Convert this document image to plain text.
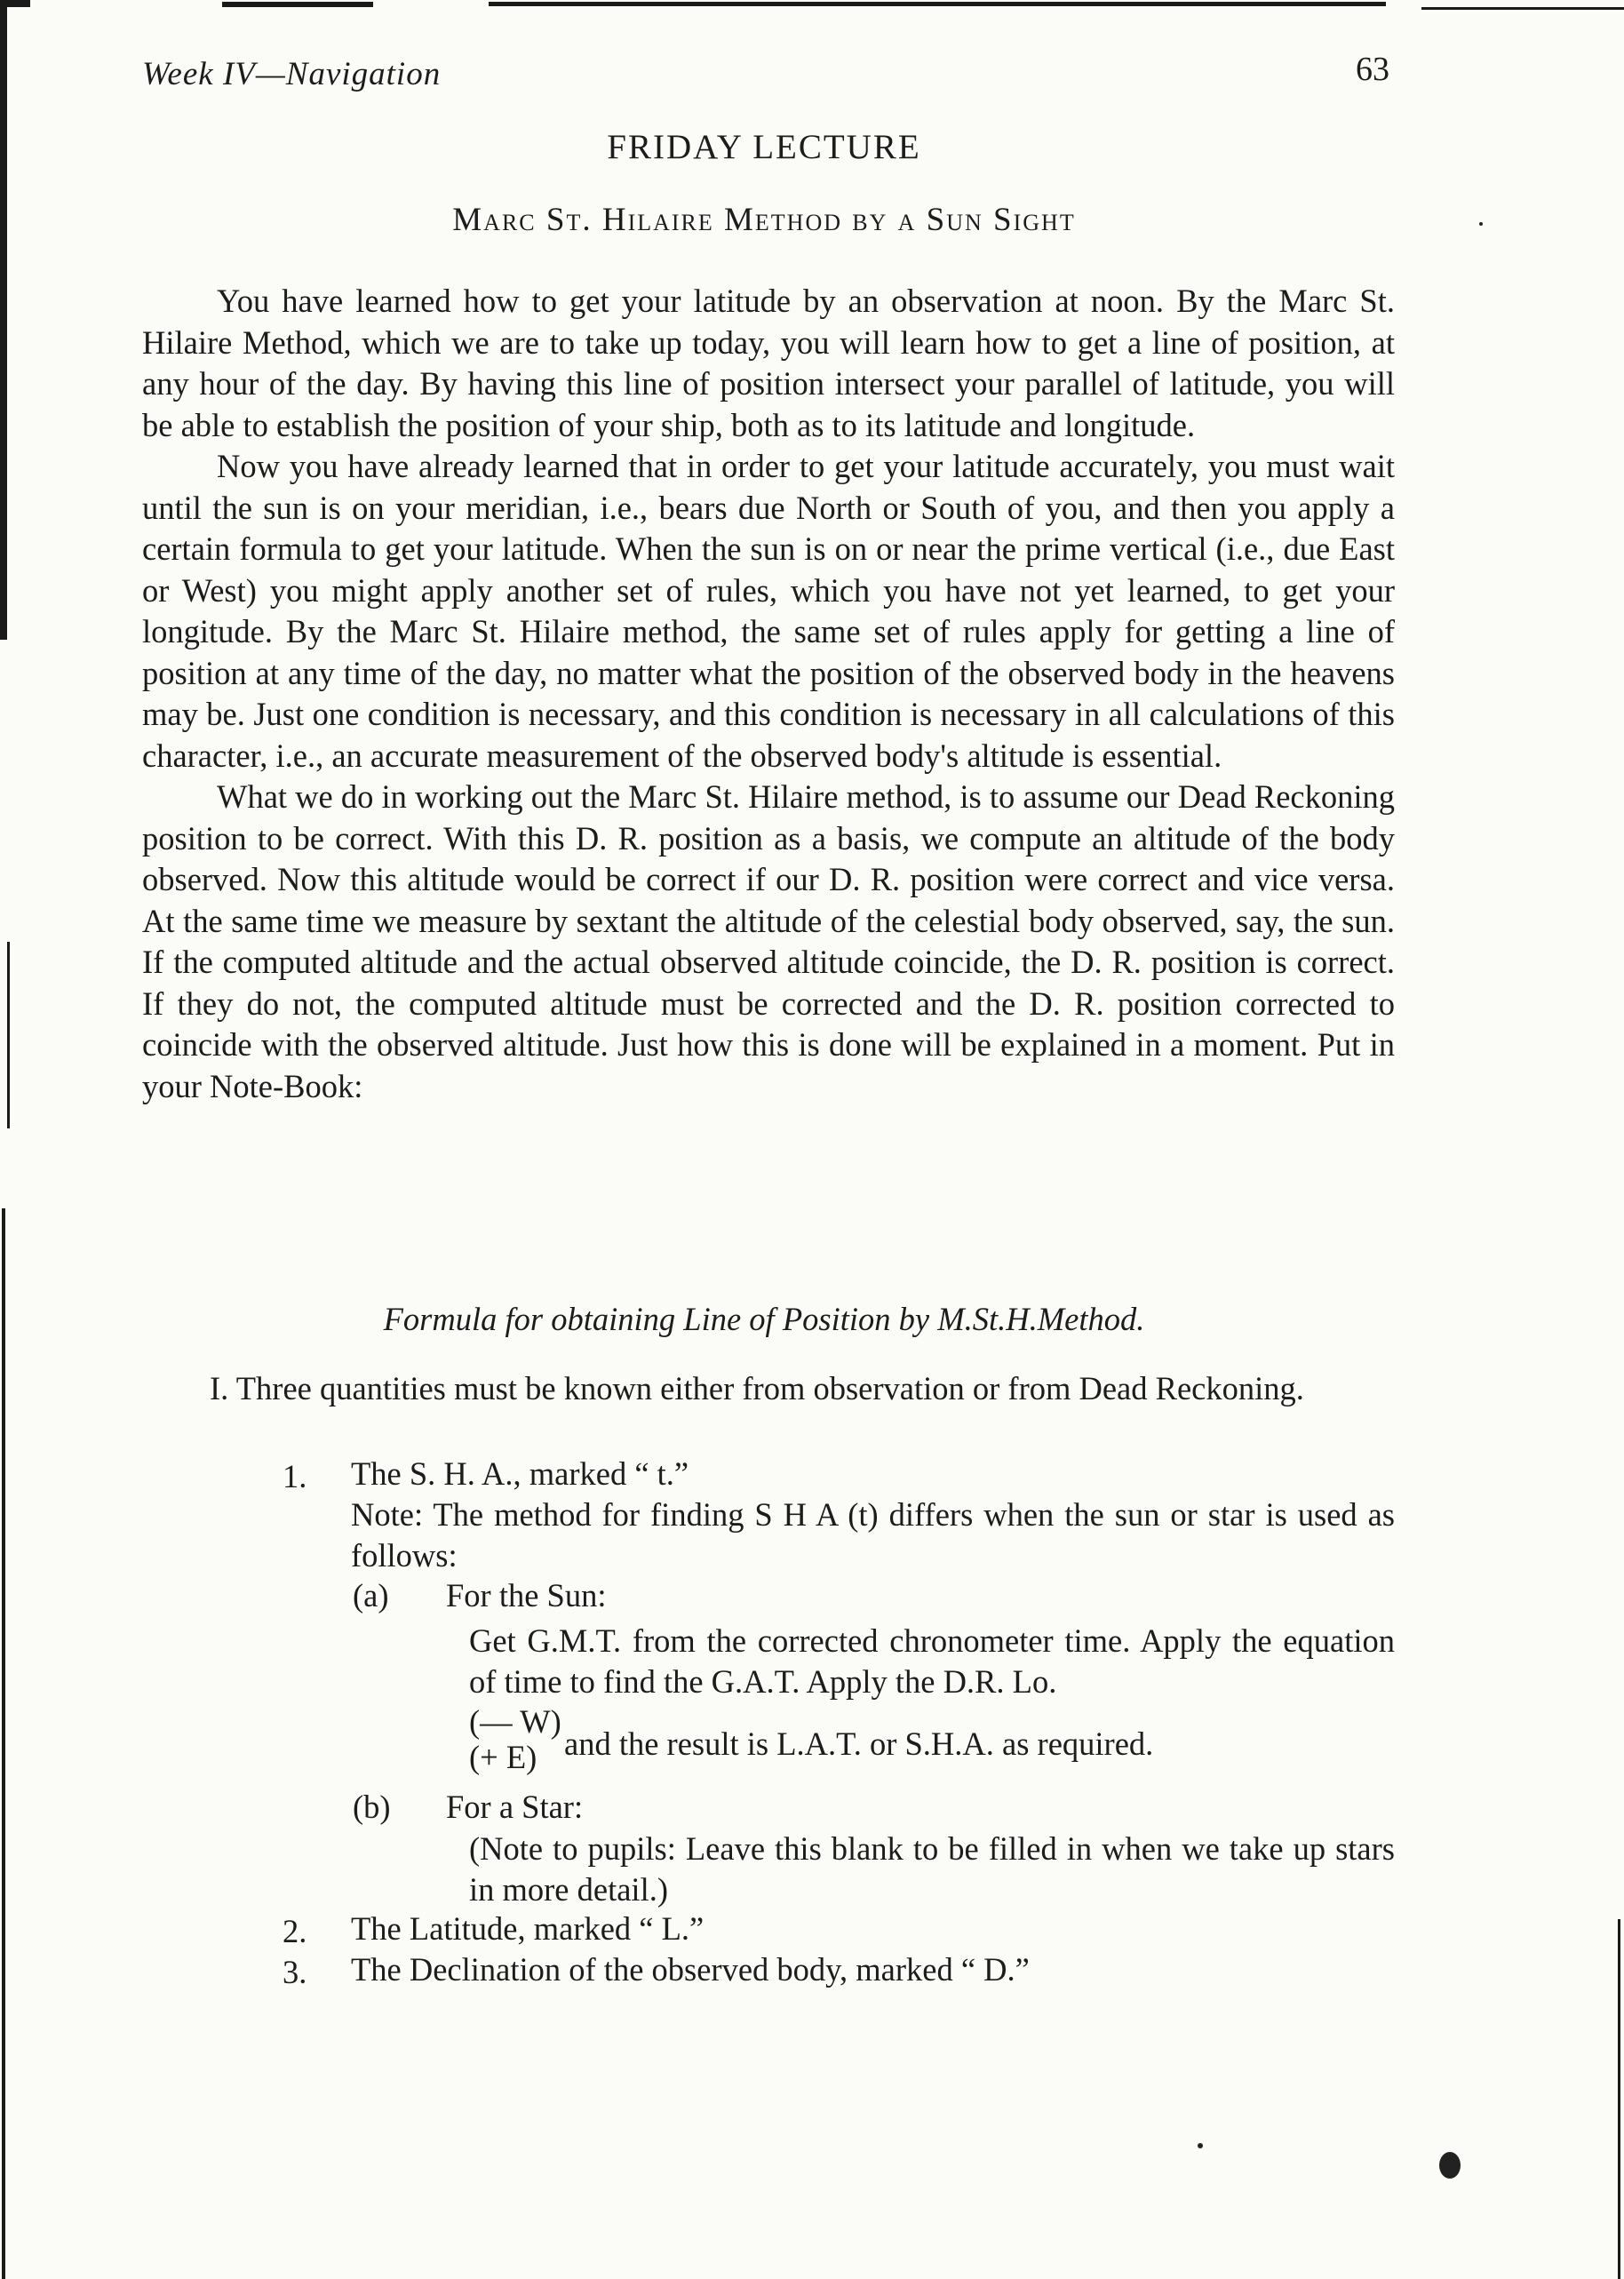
Week IV—Navigation	63
FRIDAY LECTURE
Marc St. Hilaire Method by a Sun Sight

You have learned how to get your latitude by an observation at noon. By the Marc St. Hilaire Method, which we are to take up today, you will learn how to get a line of position, at any hour of the day. By having this line of position intersect your parallel of latitude, you will be able to establish the position of your ship, both as to its latitude and longitude.

Now you have already learned that in order to get your latitude accurately, you must wait until the sun is on your meridian, i.e., bears due North or South of you, and then you apply a certain formula to get your latitude. When the sun is on or near the prime vertical (i.e., due East or West) you might apply another set of rules, which you have not yet learned, to get your longitude. By the Marc St. Hilaire method, the same set of rules apply for getting a line of position at any time of the day, no matter what the position of the observed body in the heavens may be. Just one condition is necessary, and this condition is necessary in all calculations of this character, i.e., an accurate measurement of the observed body's altitude is essential.

What we do in working out the Marc St. Hilaire method, is to assume our Dead Reckoning position to be correct. With this D. R. position as a basis, we compute an altitude of the body observed. Now this altitude would be correct if our D. R. position were correct and vice versa. At the same time we measure by sextant the altitude of the celestial body observed, say, the sun. If the computed altitude and the actual observed altitude coincide, the D. R. position is correct. If they do not, the computed altitude must be corrected and the D. R. position corrected to coincide with the observed altitude. Just how this is done will be explained in a moment. Put in your Note-Book:

Formula for obtaining Line of Position by M.St.H.Method.

I. Three quantities must be known either from observation or from Dead Reckoning.

1. The S. H. A., marked “ t.”
Note: The method for finding S H A (t) differs when the sun or star is used as follows:
(a) For the Sun:
Get G.M.T. from the corrected chronometer time. Apply the equation of time to find the G.A.T. Apply the D.R. Lo.
(— W)
(+ E) and the result is L.A.T. or S.H.A. as required.
(b) For a Star:
(Note to pupils: Leave this blank to be filled in when we take up stars in more detail.)
2. The Latitude, marked “ L.”
3. The Declination of the observed body, marked “ D.”
